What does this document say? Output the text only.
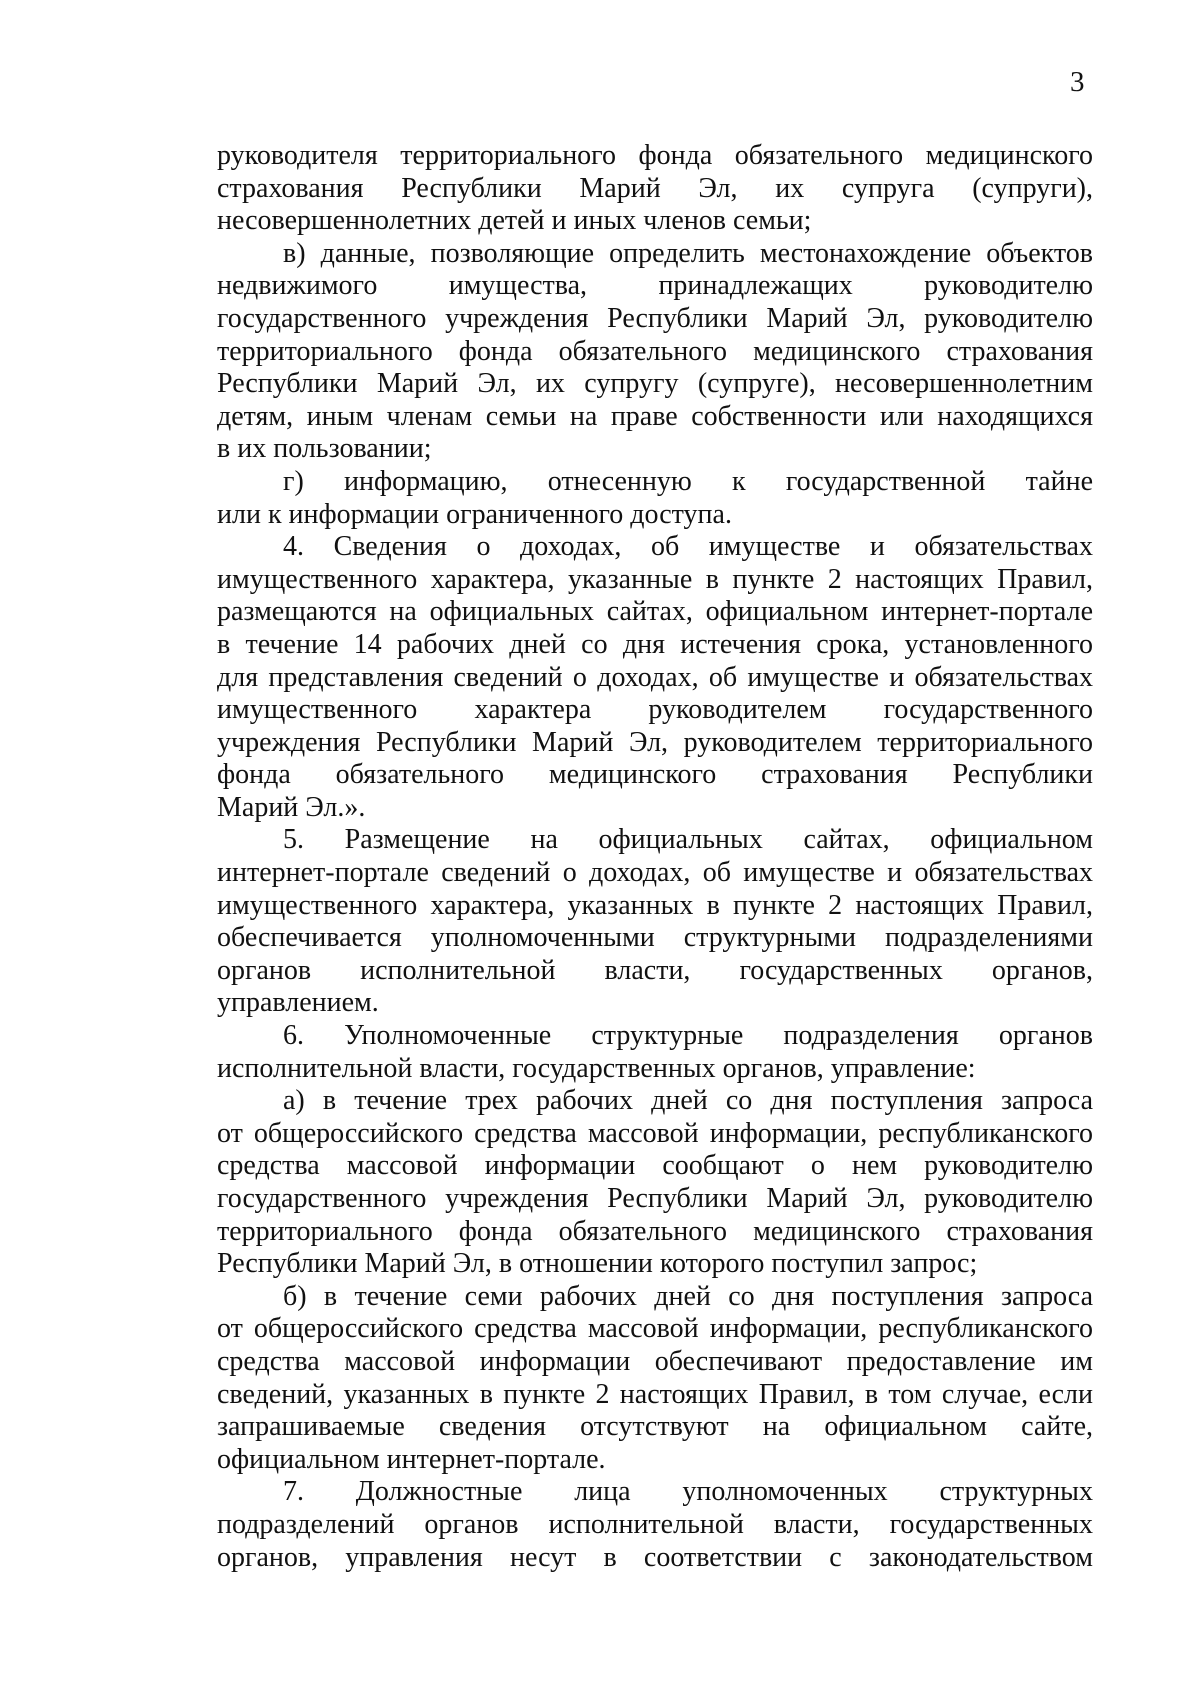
3

руководителя территориального фонда обязательного медицинского

страхования Республики Марий Эл, их супруга (супруги),

несовершеннолетних детей и иных членов семьи;

в) данные, позволяющие определить местонахождение объектов

недвижимого имущества, принадлежащих руководителю

государственного учреждения Республики Марий Эл, руководителю

территориального фонда обязательного медицинского страхования

Республики Марий Эл, их супругу (супруге), несовершеннолетним

детям, иным членам семьи на праве собственности или находящихся

в их пользовании;

г) информацию, отнесенную к государственной тайне

или к информации ограниченного доступа.

4. Сведения о доходах, об имуществе и обязательствах

имущественного характера, указанные в пункте 2 настоящих Правил,

размещаются на официальных сайтах, официальном интернет-портале

в течение 14 рабочих дней со дня истечения срока, установленного

для представления сведений о доходах, об имуществе и обязательствах

имущественного характера руководителем государственного

учреждения Республики Марий Эл, руководителем территориального

фонда обязательного медицинского страхования Республики

Марий Эл.».

5. Размещение на официальных сайтах, официальном

интернет-портале сведений о доходах, об имуществе и обязательствах

имущественного характера, указанных в пункте 2 настоящих Правил,

обеспечивается уполномоченными структурными подразделениями

органов исполнительной власти, государственных органов,

управлением.

6. Уполномоченные структурные подразделения органов

исполнительной власти, государственных органов, управление:

а) в течение трех рабочих дней со дня поступления запроса

от общероссийского средства массовой информации, республиканского

средства массовой информации сообщают о нем руководителю

государственного учреждения Республики Марий Эл, руководителю

территориального фонда обязательного медицинского страхования

Республики Марий Эл, в отношении которого поступил запрос;

б) в течение семи рабочих дней со дня поступления запроса

от общероссийского средства массовой информации, республиканского

средства массовой информации обеспечивают предоставление им

сведений, указанных в пункте 2 настоящих Правил, в том случае, если

запрашиваемые сведения отсутствуют на официальном сайте,

официальном интернет-портале.

7. Должностные лица уполномоченных структурных

подразделений органов исполнительной власти, государственных

органов, управления несут в соответствии с законодательством
